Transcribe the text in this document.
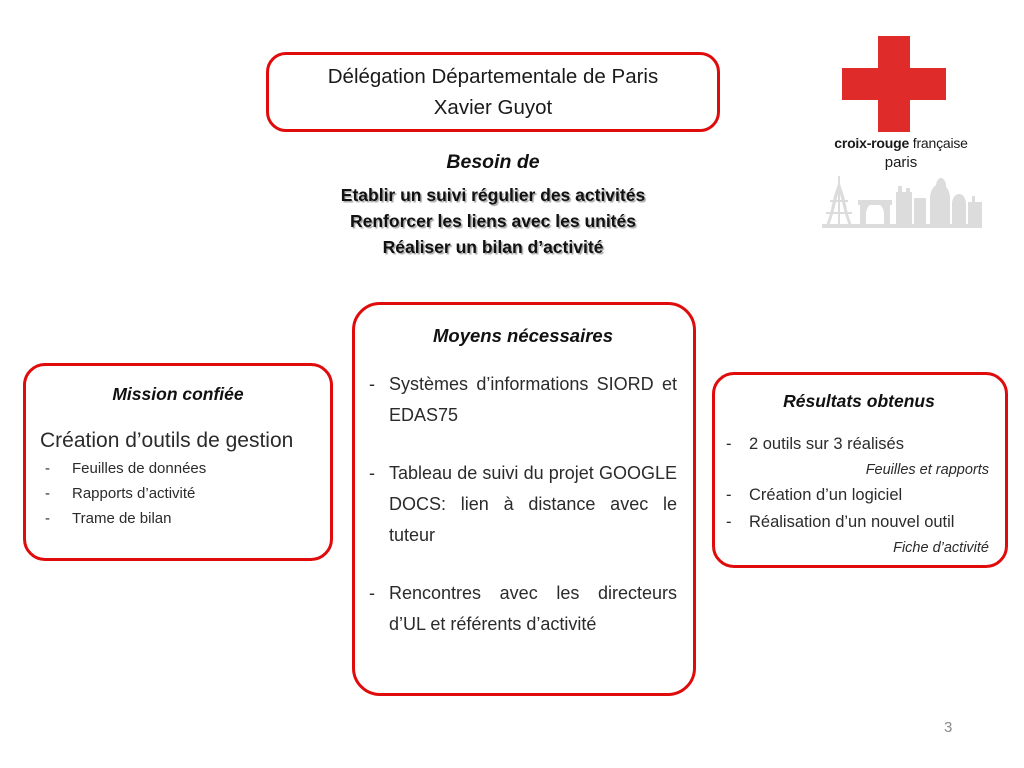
Délégation Départementale de Paris
Xavier Guyot
Besoin de
Etablir un suivi régulier des activités
Renforcer les liens avec les unités
Réaliser un bilan d’activité
Moyens nécessaires
- Systèmes d’informations SIORD et EDAS75
- Tableau de suivi du projet GOOGLE DOCS: lien à distance avec le tuteur
- Rencontres avec les directeurs d’UL et référents d’activité
Mission confiée
Création d’outils de gestion
-	Feuilles de données
-	Rapports d’activité
-	Trame de bilan
Résultats obtenus
-	2 outils sur 3 réalisés
Feuilles et rapports
-	Création d’un logiciel
-	Réalisation d’un nouvel outil
Fiche d’activité
croix-rouge française
paris
3
